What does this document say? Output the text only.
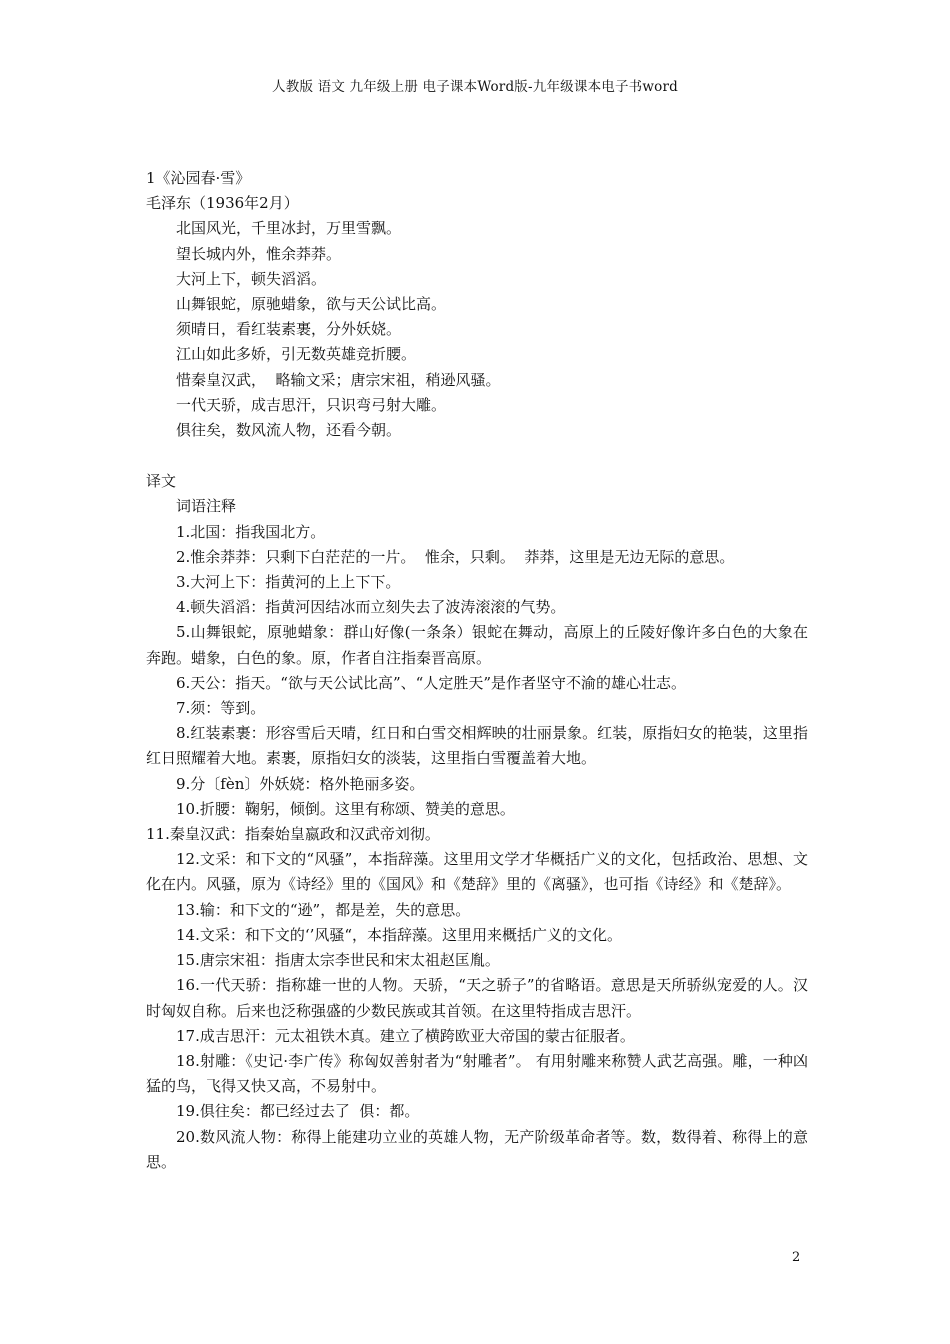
人教版 语文 九年级上册 电子课本Word版-九年级课本电子书word
1《沁园春·雪》
毛泽东（1936年2月）
北国风光，千里冰封，万里雪飘。
望长城内外，惟余莽莽。
大河上下，顿失滔滔。
山舞银蛇，原驰蜡象，欲与天公试比高。
须晴日，看红装素裹，分外妖娆。
江山如此多娇，引无数英雄竞折腰。
惜秦皇汉武，  略输文采；唐宗宋祖，稍逊风骚。
一代天骄，成吉思汗，只识弯弓射大雕。
俱往矣，数风流人物，还看今朝。
译文
词语注释
1.北国：指我国北方。
2.惟余莽莽：只剩下白茫茫的一片。  惟余，只剩。  莽莽，这里是无边无际的意思。
3.大河上下：指黄河的上上下下。
4.顿失滔滔：指黄河因结冰而立刻失去了波涛滚滚的气势。
5.山舞银蛇，原驰蜡象：群山好像(一条条）银蛇在舞动，高原上的丘陵好像许多白色的大象在奔跑。蜡象，白色的象。原，作者自注指秦晋高原。
6.天公：指天。“欲与天公试比高”、“人定胜天”是作者坚守不渝的雄心壮志。
7.须：等到。
8.红装素裹：形容雪后天晴，红日和白雪交相辉映的壮丽景象。红装，原指妇女的艳装，这里指红日照耀着大地。素裹，原指妇女的淡装，这里指白雪覆盖着大地。
9.分〔fèn〕外妖娆：格外艳丽多姿。
10.折腰：鞠躬，倾倒。这里有称颂、赞美的意思。
11.秦皇汉武：指秦始皇嬴政和汉武帝刘彻。
12.文采：和下文的“风骚”，本指辞藻。这里用文学才华概括广义的文化，包括政治、思想、文化在内。风骚，原为《诗经》里的《国风》和《楚辞》里的《离骚》，也可指《诗经》和《楚辞》。
13.输：和下文的“逊”，都是差，失的意思。
14.文采：和下文的‘’风骚“，本指辞藻。这里用来概括广义的文化。
15.唐宗宋祖：指唐太宗李世民和宋太祖赵匡胤。
16.一代天骄：指称雄一世的人物。天骄，“天之骄子”的省略语。意思是天所骄纵宠爱的人。汉时匈奴自称。后来也泛称强盛的少数民族或其首领。在这里特指成吉思汗。
17.成吉思汗：元太祖铁木真。建立了横跨欧亚大帝国的蒙古征服者。
18.射雕：《史记·李广传》称匈奴善射者为“射雕者”。 有用射雕来称赞人武艺高强。雕，一种凶猛的鸟，飞得又快又高，不易射中。
19.俱往矣：都已经过去了  俱：都。
20.数风流人物：称得上能建功立业的英雄人物，无产阶级革命者等。数，数得着、称得上的意思。
2
